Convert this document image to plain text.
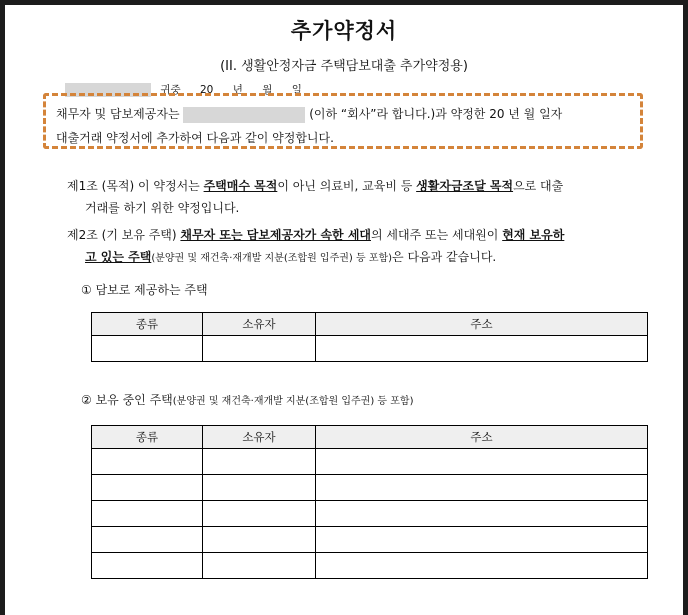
추가약정서
(II. 생활안정자금 주택담보대출 추가약정용)
귀중 20 년 월 일
채무자 및 담보제공자는	(이하 “회사”라 합니다.)과 약정한 20 년 월 일자
대출거래 약정서에 추가하여 다음과 같이 약정합니다.
제1조 (목적) 이 약정서는 주택매수 목적이 아닌 의료비, 교육비 등 생활자금조달 목적으로 대출
거래를 하기 위한 약정입니다.
제2조 (기 보유 주택) 채무자 또는 담보제공자가 속한 세대의 세대주 또는 세대원이 현재 보유하
고 있는 주택(분양권 및 재건축·재개발 지분(조합원 입주권) 등 포함)은 다음과 같습니다.
① 담보로 제공하는 주택
종류	소유자	주소

② 보유 중인 주택(분양권 및 재건축·재개발 지분(조합원 입주권) 등 포함)
종류	소유자	주소
